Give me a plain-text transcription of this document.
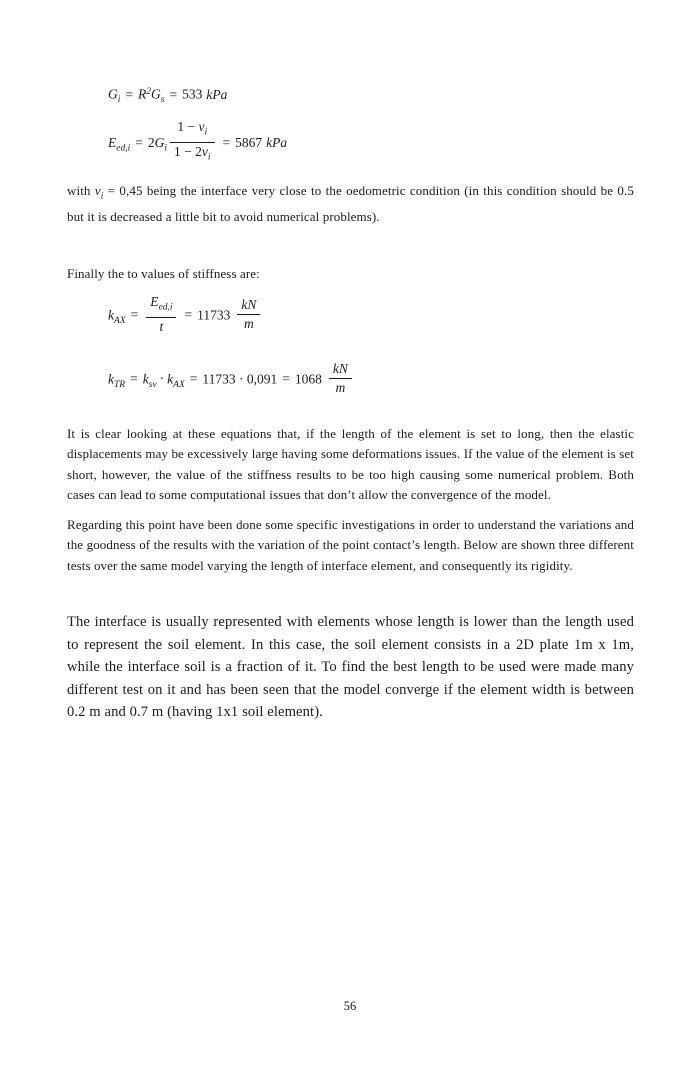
$G_i = R^2G_s = 533$ kPa
$E_{ed,i} = 2G_i \frac{1 - v_i}{1 - 2v_i} = 5867$ kPa

with $v_i = 0,45$ being the interface very close to the oedometric condition (in this condition should be 0.5 but it is decreased a little bit to avoid numerical problems).

Finally the to values of stiffness are:

$k_{AX} = \frac{E_{ed,i}}{t} = 11733 \frac{kN}{m}$
$k_{TR} = k_{sv} \cdot k_{AX} = 11733 \cdot 0,091 = 1068 \frac{kN}{m}$

It is clear looking at these equations that, if the length of the element is set to long, then the elastic displacements may be excessively large having some deformations issues. If the value of the element is set short, however, the value of the stiffness results to be too high causing some numerical problem. Both cases can lead to some computational issues that don’t allow the convergence of the model.

Regarding this point have been done some specific investigations in order to understand the variations and the goodness of the results with the variation of the point contact’s length. Below are shown three different tests over the same model varying the length of interface element, and consequently its rigidity.

The interface is usually represented with elements whose length is lower than the length used to represent the soil element. In this case, the soil element consists in a 2D plate 1m x 1m, while the interface soil is a fraction of it. To find the best length to be used were made many different test on it and has been seen that the model converge if the element width is between 0.2 m and 0.7 m (having 1x1 soil element).

56
